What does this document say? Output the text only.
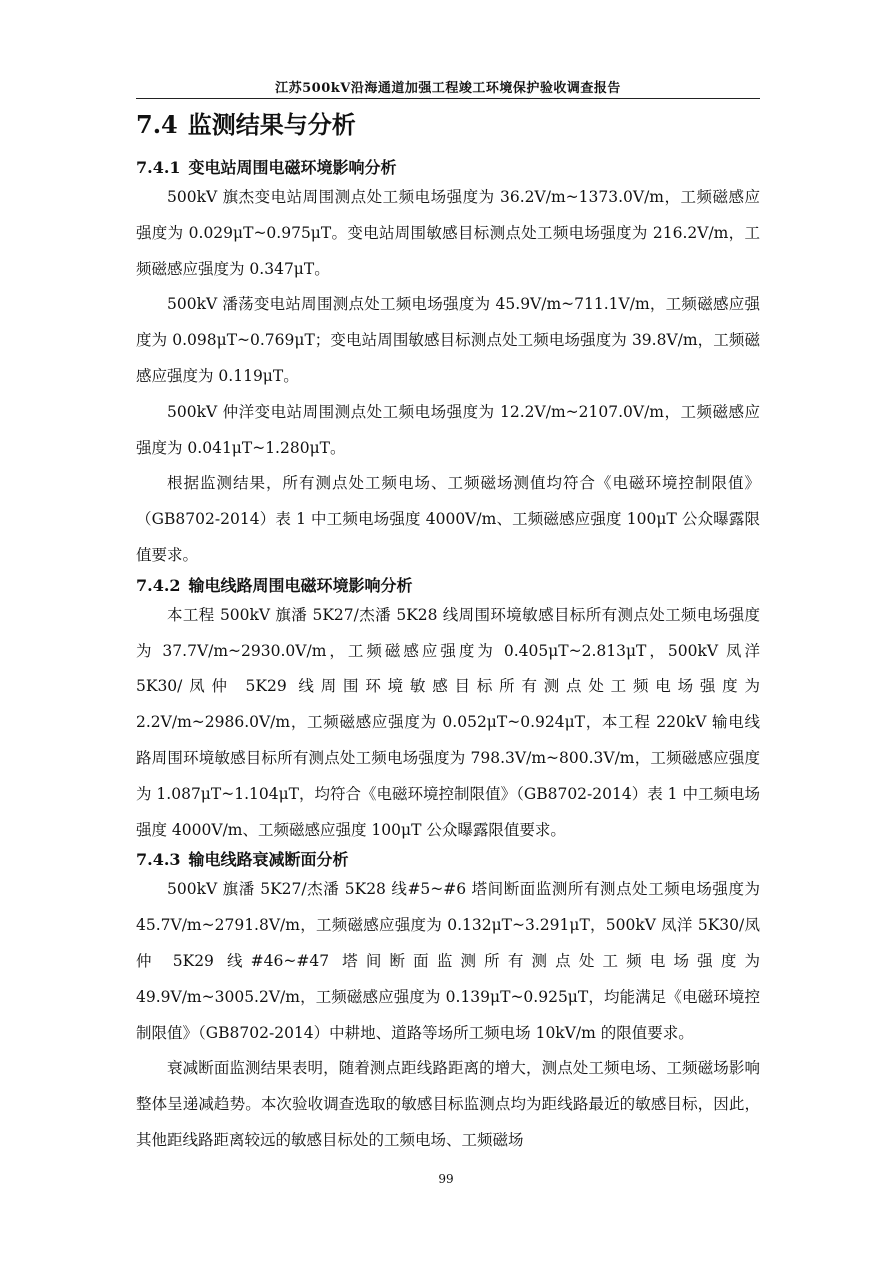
江苏500kV沿海通道加强工程竣工环境保护验收调查报告
7.4 监测结果与分析
7.4.1 变电站周围电磁环境影响分析

500kV 旗杰变电站周围测点处工频电场强度为 36.2V/m~1373.0V/m，工频磁感应强度为 0.029μT~0.975μT。变电站周围敏感目标测点处工频电场强度为 216.2V/m，工频磁感应强度为 0.347μT。

500kV 潘荡变电站周围测点处工频电场强度为 45.9V/m~711.1V/m，工频磁感应强度为 0.098μT~0.769μT；变电站周围敏感目标测点处工频电场强度为 39.8V/m，工频磁感应强度为 0.119μT。

500kV 仲洋变电站周围测点处工频电场强度为 12.2V/m~2107.0V/m，工频磁感应强度为 0.041μT~1.280μT。

根据监测结果，所有测点处工频电场、工频磁场测值均符合《电磁环境控制限值》（GB8702-2014）表 1 中工频电场强度 4000V/m、工频磁感应强度 100μT 公众曝露限值要求。

7.4.2 输电线路周围电磁环境影响分析

本工程 500kV 旗潘 5K27/杰潘 5K28 线周围环境敏感目标所有测点处工频电场强度为 37.7V/m~2930.0V/m，工频磁感应强度为 0.405μT~2.813μT，500kV 凤洋 5K30/凤仲 5K29 线周围环境敏感目标所有测点处工频电场强度为 2.2V/m~2986.0V/m，工频磁感应强度为 0.052μT~0.924μT，本工程 220kV 输电线路周围环境敏感目标所有测点处工频电场强度为 798.3V/m~800.3V/m，工频磁感应强度为 1.087μT~1.104μT，均符合《电磁环境控制限值》（GB8702-2014）表 1 中工频电场强度 4000V/m、工频磁感应强度 100μT 公众曝露限值要求。

7.4.3 输电线路衰减断面分析

500kV 旗潘 5K27/杰潘 5K28 线#5~#6 塔间断面监测所有测点处工频电场强度为 45.7V/m~2791.8V/m，工频磁感应强度为 0.132μT~3.291μT，500kV 凤洋 5K30/凤仲 5K29 线#46~#47 塔间断面监测所有测点处工频电场强度为 49.9V/m~3005.2V/m，工频磁感应强度为 0.139μT~0.925μT，均能满足《电磁环境控制限值》（GB8702-2014）中耕地、道路等场所工频电场 10kV/m 的限值要求。

衰减断面监测结果表明，随着测点距线路距离的增大，测点处工频电场、工频磁场影响整体呈递减趋势。本次验收调查选取的敏感目标监测点均为距线路最近的敏感目标，因此，其他距线路距离较远的敏感目标处的工频电场、工频磁场

99
